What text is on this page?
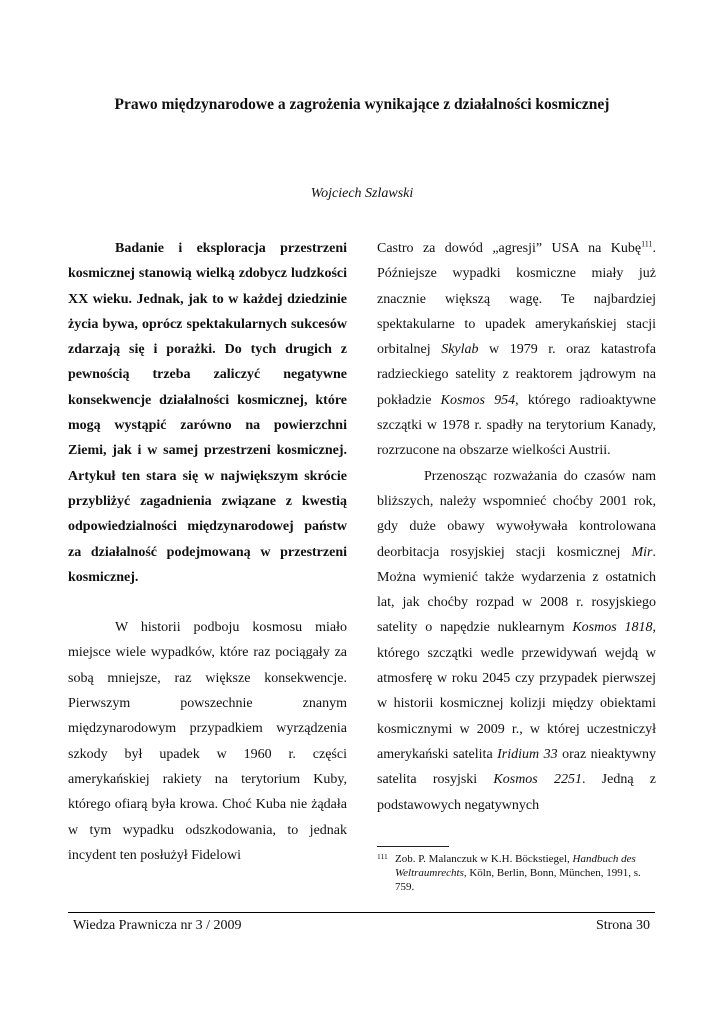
Prawo międzynarodowe a zagrożenia wynikające z działalności kosmicznej

Wojciech Szlawski

Badanie i eksploracja przestrzeni kosmicznej stanowią wielką zdobycz ludzkości XX wieku. Jednak, jak to w każdej dziedzinie życia bywa, oprócz spektakularnych sukcesów zdarzają się i porażki. Do tych drugich z pewnością trzeba zaliczyć negatywne konsekwencje działalności kosmicznej, które mogą wystąpić zarówno na powierzchni Ziemi, jak i w samej przestrzeni kosmicznej. Artykuł ten stara się w największym skrócie przybliżyć zagadnienia związane z kwestią odpowiedzialności międzynarodowej państw za działalność podejmowaną w przestrzeni kosmicznej.

W historii podboju kosmosu miało miejsce wiele wypadków, które raz pociągały za sobą mniejsze, raz większe konsekwencje. Pierwszym powszechnie znanym międzynarodowym przypadkiem wyrządzenia szkody był upadek w 1960 r. części amerykańskiej rakiety na terytorium Kuby, którego ofiarą była krowa. Choć Kuba nie żądała w tym wypadku odszkodowania, to jednak incydent ten posłużył Fidelowi

Castro za dowód „agresji” USA na Kubę$^{111}$. Późniejsze wypadki kosmiczne miały już znacznie większą wagę. Te najbardziej spektakularne to upadek amerykańskiej stacji orbitalnej Skylab w 1979 r. oraz katastrofa radzieckiego satelity z reaktorem jądrowym na pokładzie Kosmos 954, którego radioaktywne szczątki w 1978 r. spadły na terytorium Kanady, rozrzucone na obszarze wielkości Austrii.

Przenosząc rozważania do czasów nam bliższych, należy wspomnieć choćby 2001 rok, gdy duże obawy wywoływała kontrolowana deorbitacja rosyjskiej stacji kosmicznej Mir. Można wymienić także wydarzenia z ostatnich lat, jak choćby rozpad w 2008 r. rosyjskiego satelity o napędzie nuklearnym Kosmos 1818, którego szczątki wedle przewidywań wejdą w atmosferę w roku 2045 czy przypadek pierwszej w historii kosmicznej kolizji między obiektami kosmicznymi w 2009 r., w której uczestniczył amerykański satelita Iridium 33 oraz nieaktywny satelita rosyjski Kosmos 2251. Jedną z podstawowych negatywnych

111 Zob. P. Malanczuk w K.H. Böckstiegel, Handbuch des Weltraumrechts, Köln, Berlin, Bonn, München, 1991, s. 759.
Wiedza Prawnicza nr 3 / 2009	Strona 30
